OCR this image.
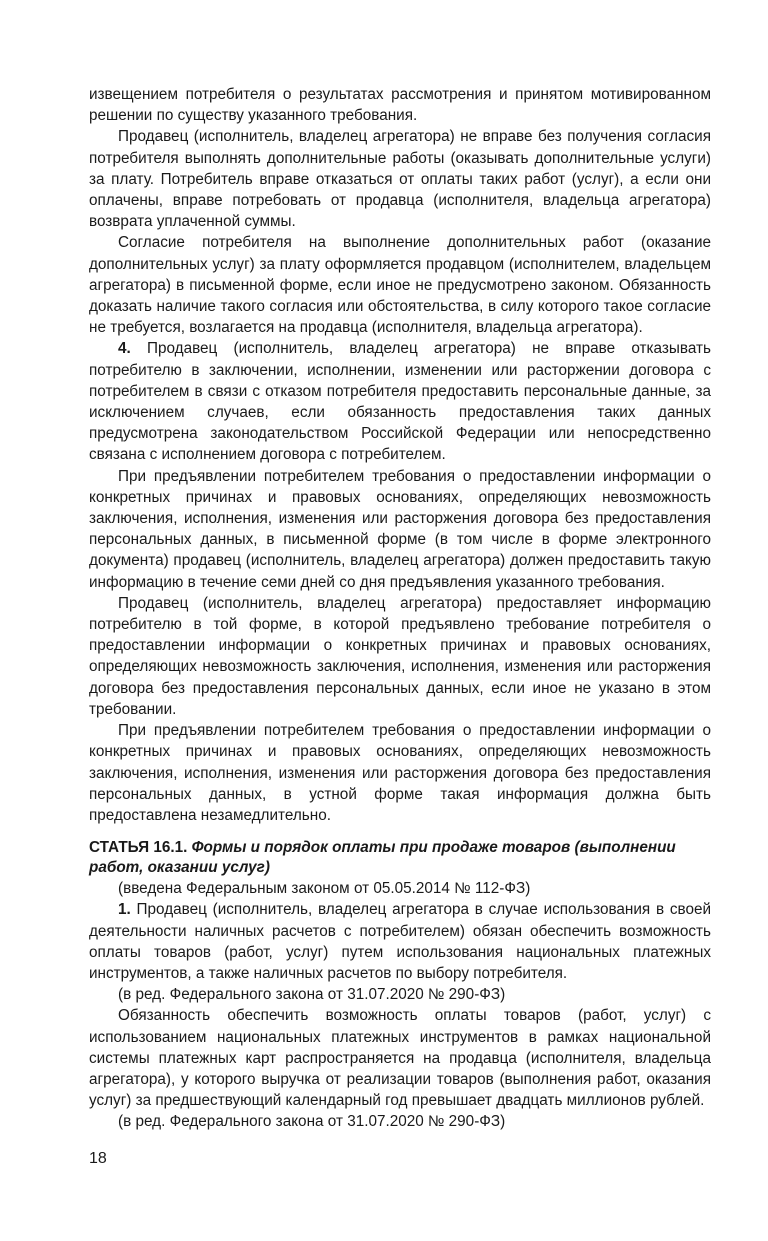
извещением потребителя о результатах рассмотрения и принятом мотивированном решении по существу указанного требования.

Продавец (исполнитель, владелец агрегатора) не вправе без получения согласия потребителя выполнять дополнительные работы (оказывать дополнительные услуги) за плату. Потребитель вправе отказаться от оплаты таких работ (услуг), а если они оплачены, вправе потребовать от продавца (исполнителя, владельца агрегатора) возврата уплаченной суммы.

Согласие потребителя на выполнение дополнительных работ (оказание дополнительных услуг) за плату оформляется продавцом (исполнителем, владельцем агрегатора) в письменной форме, если иное не предусмотрено законом. Обязанность доказать наличие такого согласия или обстоятельства, в силу которого такое согласие не требуется, возлагается на продавца (исполнителя, владельца агрегатора).

4. Продавец (исполнитель, владелец агрегатора) не вправе отказывать потребителю в заключении, исполнении, изменении или расторжении договора с потребителем в связи с отказом потребителя предоставить персональные данные, за исключением случаев, если обязанность предоставления таких данных предусмотрена законодательством Российской Федерации или непосредственно связана с исполнением договора с потребителем.

При предъявлении потребителем требования о предоставлении информации о конкретных причинах и правовых основаниях, определяющих невозможность заключения, исполнения, изменения или расторжения договора без предоставления персональных данных, в письменной форме (в том числе в форме электронного документа) продавец (исполнитель, владелец агрегатора) должен предоставить такую информацию в течение семи дней со дня предъявления указанного требования.

Продавец (исполнитель, владелец агрегатора) предоставляет информацию потребителю в той форме, в которой предъявлено требование потребителя о предоставлении информации о конкретных причинах и правовых основаниях, определяющих невозможность заключения, исполнения, изменения или расторжения договора без предоставления персональных данных, если иное не указано в этом требовании.

При предъявлении потребителем требования о предоставлении информации о конкретных причинах и правовых основаниях, определяющих невозможность заключения, исполнения, изменения или расторжения договора без предоставления персональных данных, в устной форме такая информация должна быть предоставлена незамедлительно.

СТАТЬЯ 16.1. Формы и порядок оплаты при продаже товаров (выполнении работ, оказании услуг)

(введена Федеральным законом от 05.05.2014 № 112-ФЗ)

1. Продавец (исполнитель, владелец агрегатора в случае использования в своей деятельности наличных расчетов с потребителем) обязан обеспечить возможность оплаты товаров (работ, услуг) путем использования национальных платежных инструментов, а также наличных расчетов по выбору потребителя.

(в ред. Федерального закона от 31.07.2020 № 290-ФЗ)

Обязанность обеспечить возможность оплаты товаров (работ, услуг) с использованием национальных платежных инструментов в рамках национальной системы платежных карт распространяется на продавца (исполнителя, владельца агрегатора), у которого выручка от реализации товаров (выполнения работ, оказания услуг) за предшествующий календарный год превышает двадцать миллионов рублей.

(в ред. Федерального закона от 31.07.2020 № 290-ФЗ)

18
